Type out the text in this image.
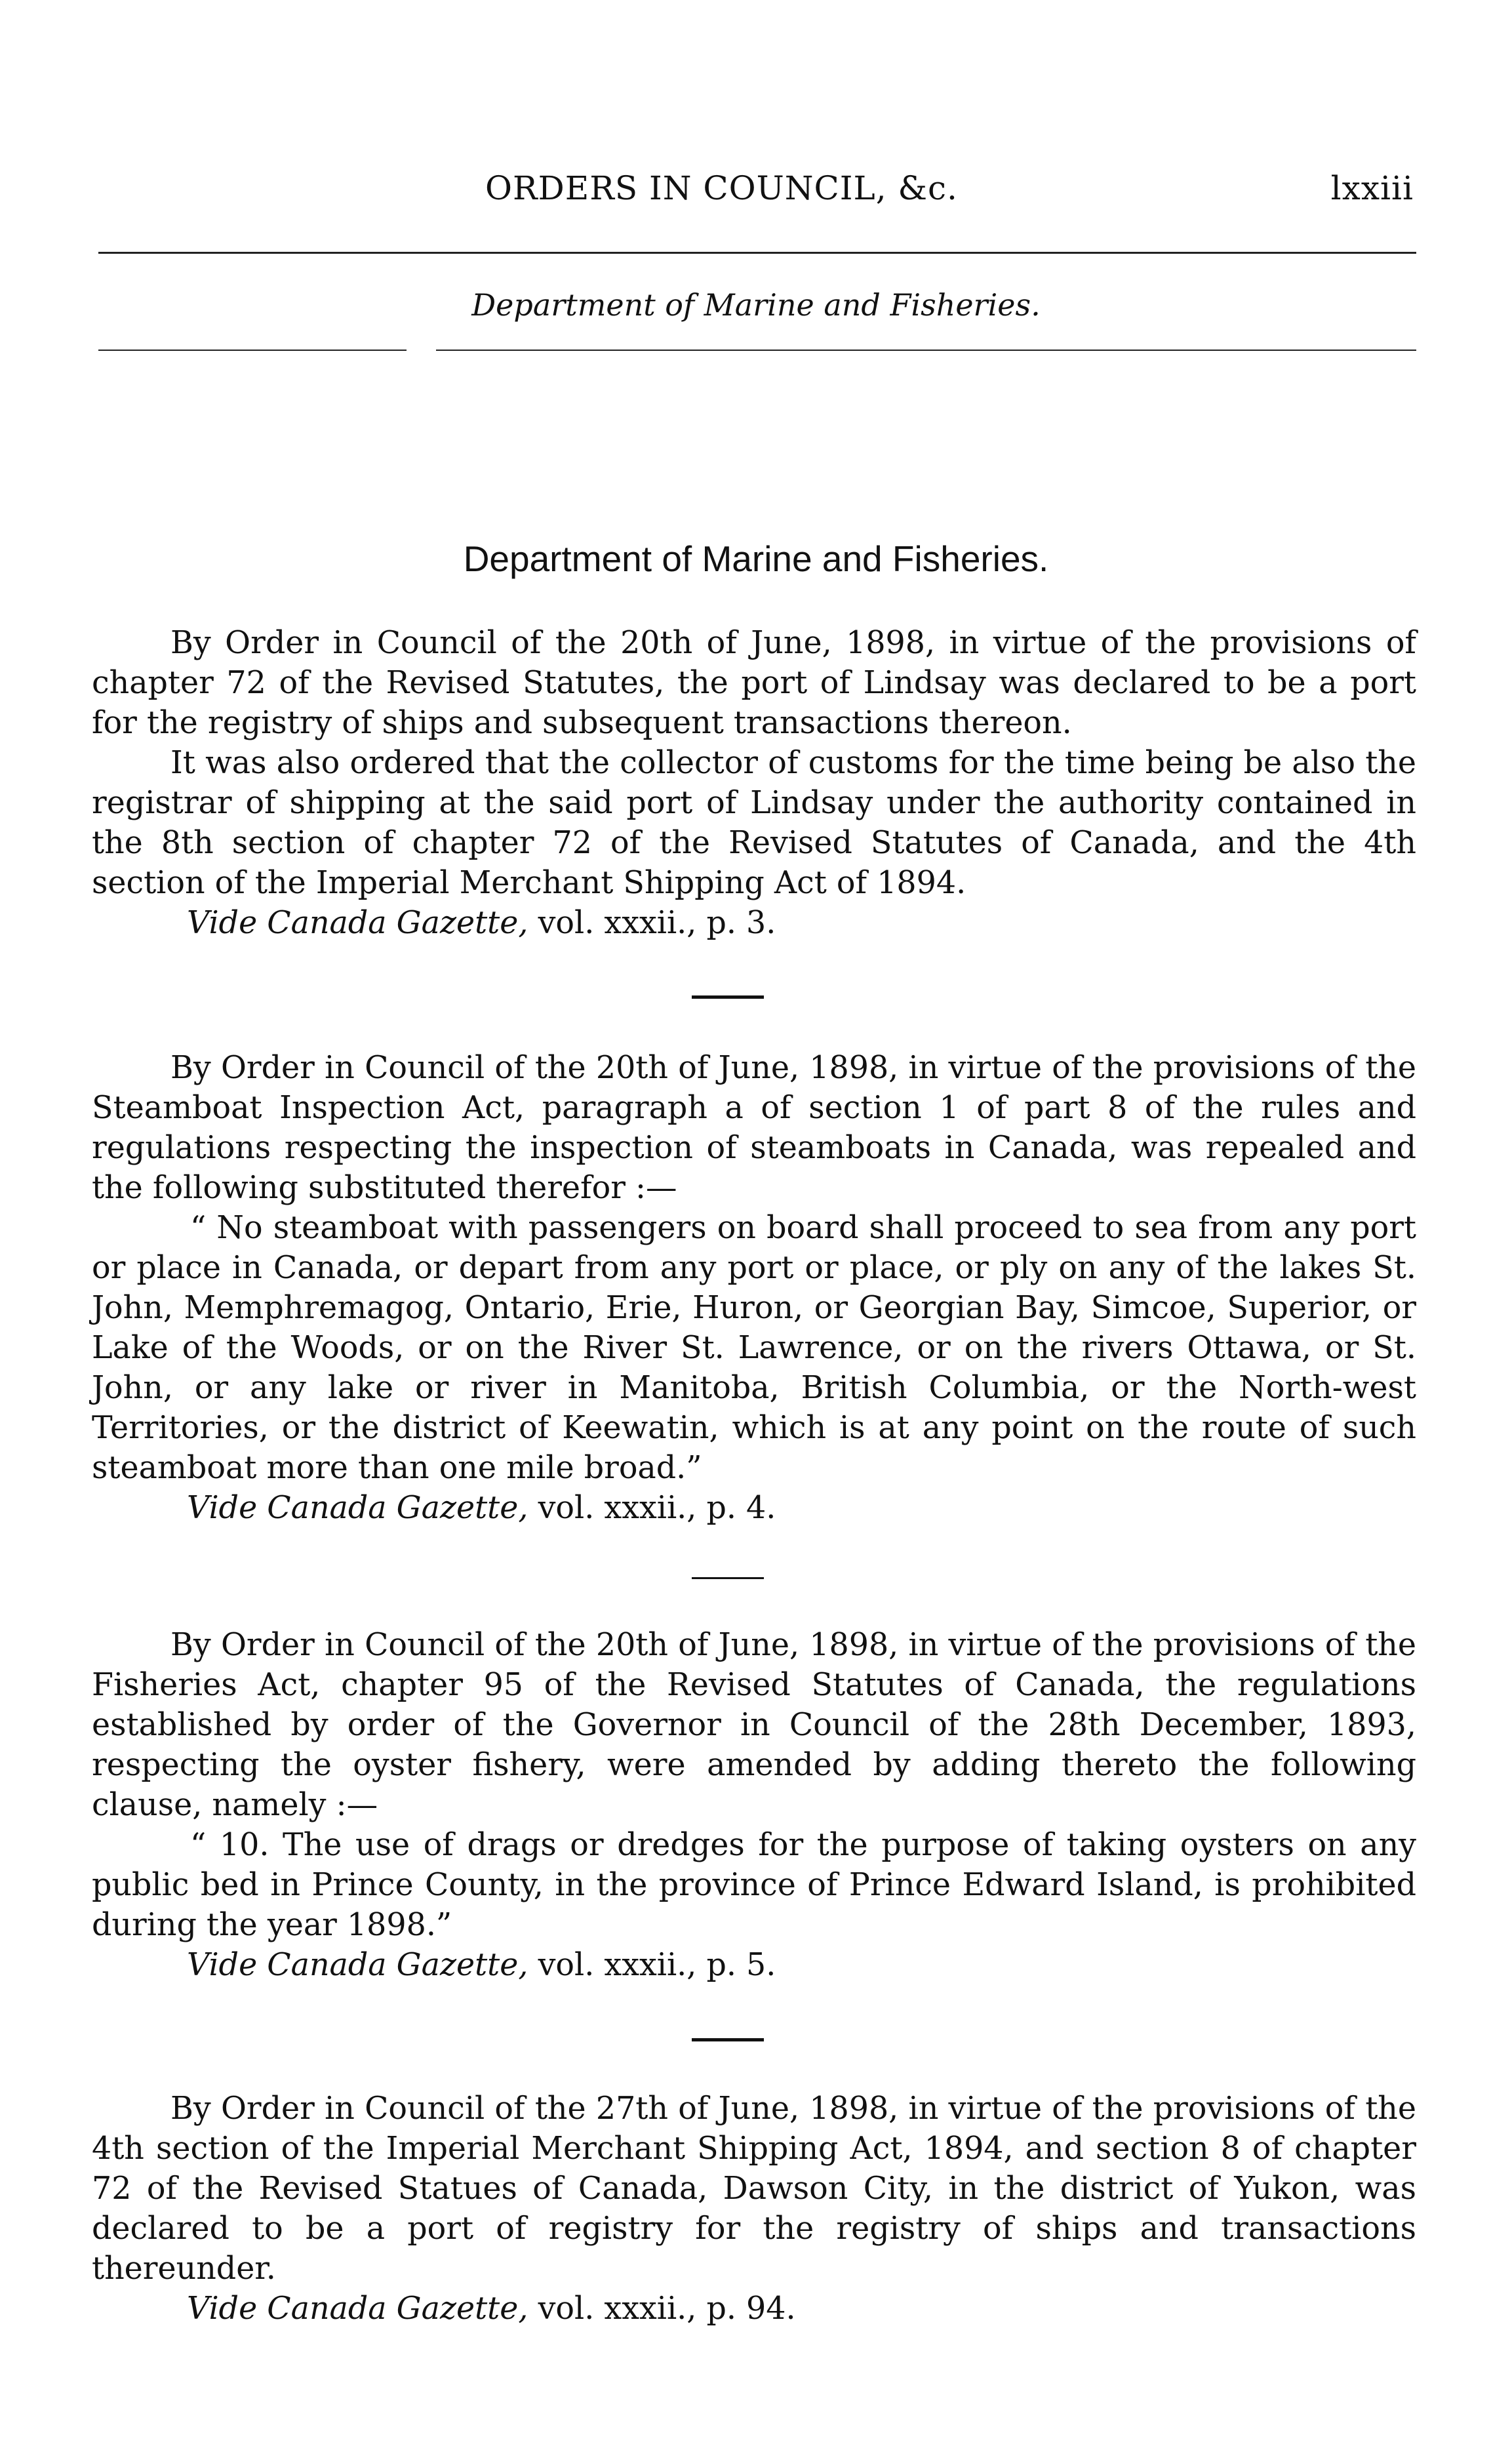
ORDERS IN COUNCIL, &c.	lxxiii
Department of Marine and Fisheries.
Department of Marine and Fisheries.

By Order in Council of the 20th of June, 1898, in virtue of the provisions of chapter 72 of the Revised Statutes, the port of Lindsay was declared to be a port for the registry of ships and subsequent transactions thereon.

It was also ordered that the collector of customs for the time being be also the registrar of shipping at the said port of Lindsay under the authority contained in the 8th section of chapter 72 of the Revised Statutes of Canada, and the 4th section of the Imperial Merchant Shipping Act of 1894.

Vide Canada Gazette, vol. xxxii., p. 3.

By Order in Council of the 20th of June, 1898, in virtue of the provisions of the Steamboat Inspection Act, paragraph a of section 1 of part 8 of the rules and regulations respecting the inspection of steamboats in Canada, was repealed and the following substituted therefor :—

“ No steamboat with passengers on board shall proceed to sea from any port or place in Canada, or depart from any port or place, or ply on any of the lakes St. John, Memphremagog, Ontario, Erie, Huron, or Georgian Bay, Simcoe, Superior, or Lake of the Woods, or on the River St. Lawrence, or on the rivers Ottawa, or St. John, or any lake or river in Manitoba, British Columbia, or the North-west Territories, or the district of Keewatin, which is at any point on the route of such steamboat more than one mile broad.”

Vide Canada Gazette, vol. xxxii., p. 4.

By Order in Council of the 20th of June, 1898, in virtue of the provisions of the Fisheries Act, chapter 95 of the Revised Statutes of Canada, the regulations established by order of the Governor in Council of the 28th December, 1893, respecting the oyster fishery, were amended by adding thereto the following clause, namely :—

“ 10. The use of drags or dredges for the purpose of taking oysters on any public bed in Prince County, in the province of Prince Edward Island, is prohibited during the year 1898.”

Vide Canada Gazette, vol. xxxii., p. 5.

By Order in Council of the 27th of June, 1898, in virtue of the provisions of the 4th section of the Imperial Merchant Shipping Act, 1894, and section 8 of chapter 72 of the Revised Statues of Canada, Dawson City, in the district of Yukon, was declared to be a port of registry for the registry of ships and transactions thereunder.

Vide Canada Gazette, vol. xxxii., p. 94.
